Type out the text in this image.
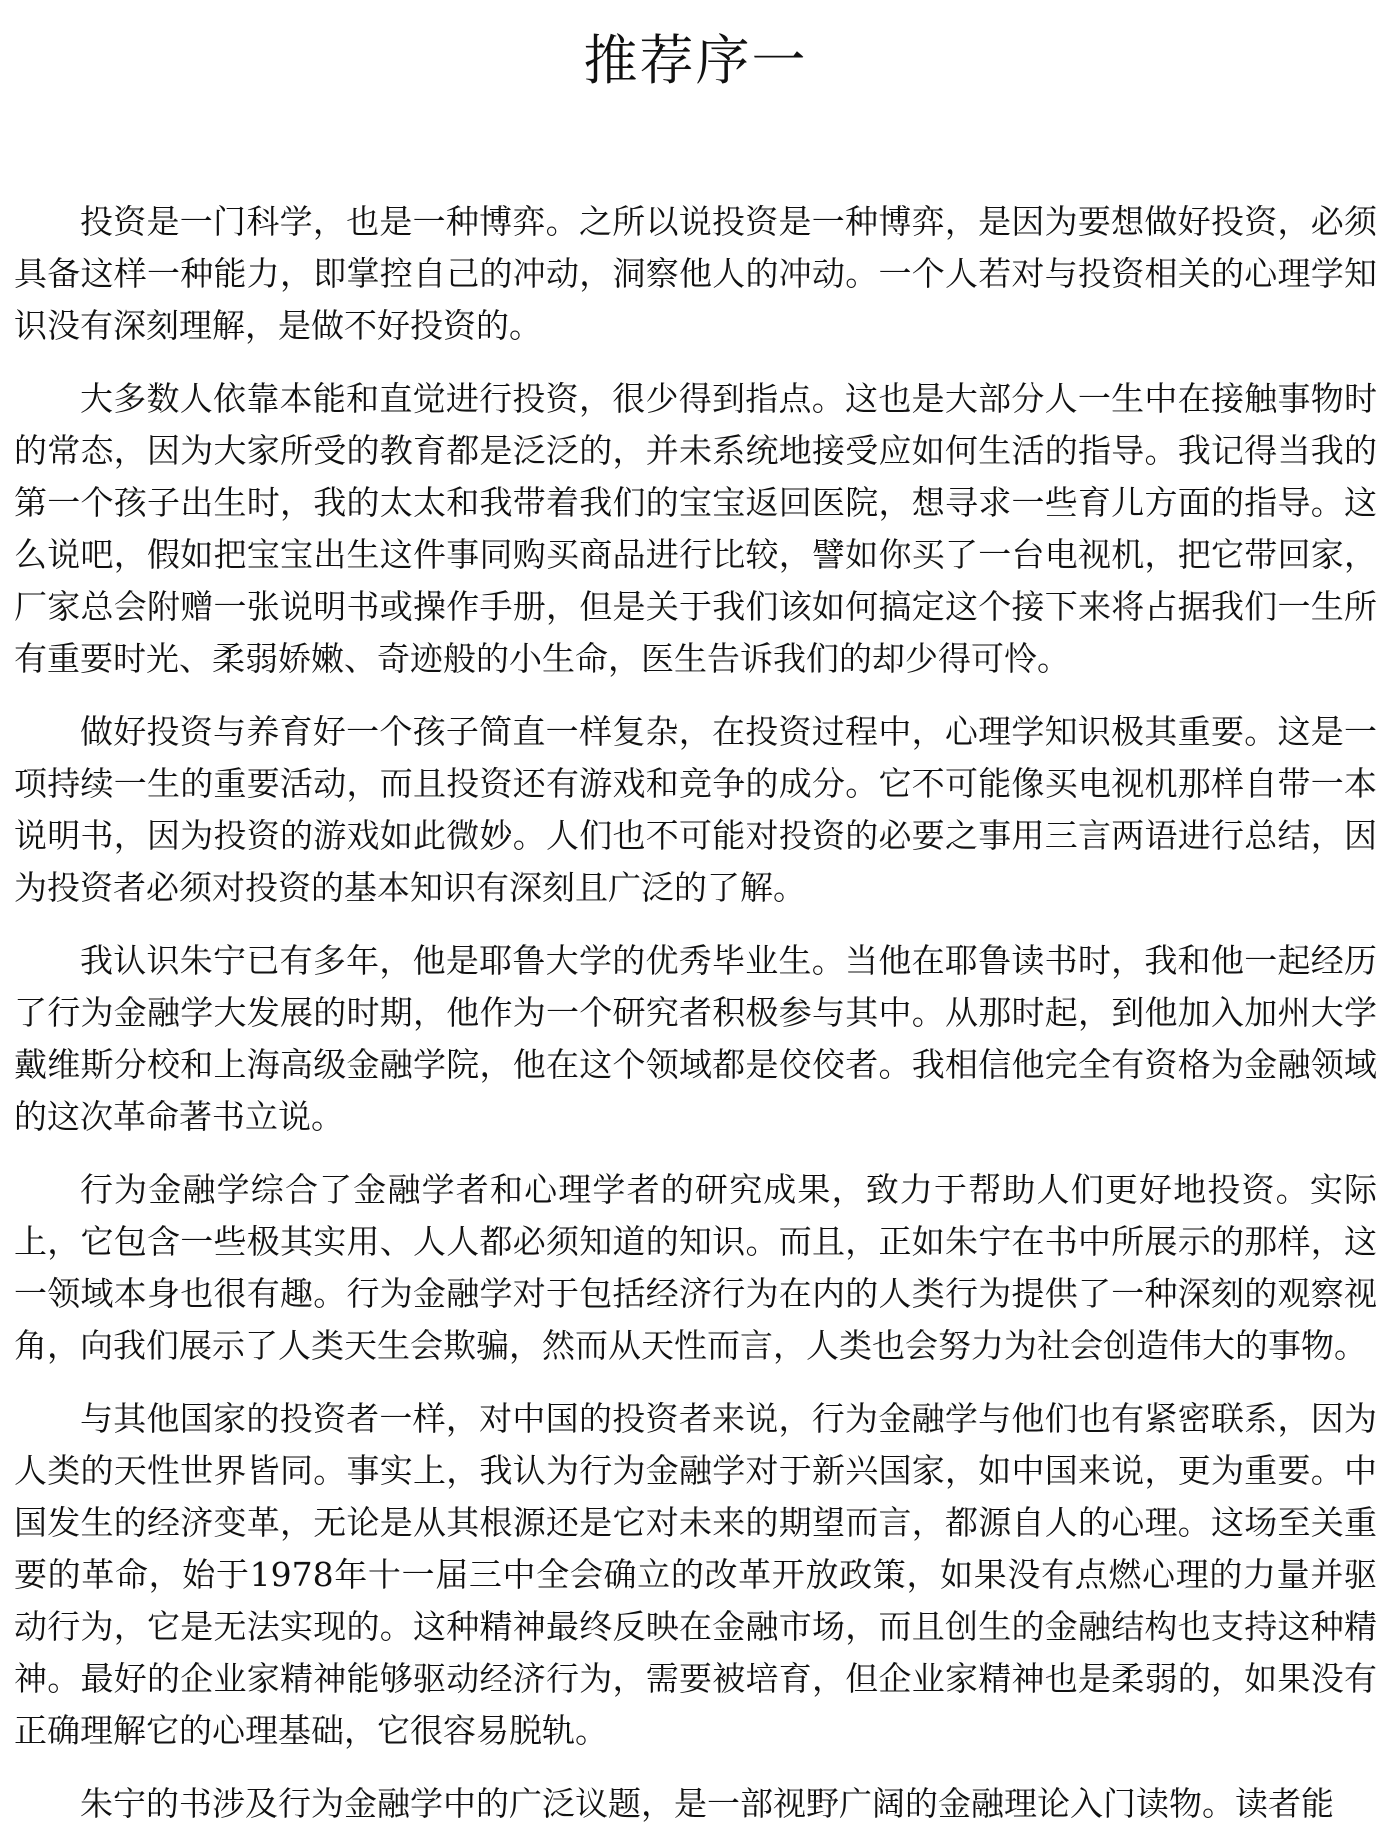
推荐序一

投资是一门科学，也是一种博弈。之所以说投资是一种博弈，是因为要想做好投资，必须具备这样一种能力，即掌控自己的冲动，洞察他人的冲动。一个人若对与投资相关的心理学知识没有深刻理解，是做不好投资的。

大多数人依靠本能和直觉进行投资，很少得到指点。这也是大部分人一生中在接触事物时的常态，因为大家所受的教育都是泛泛的，并未系统地接受应如何生活的指导。我记得当我的第一个孩子出生时，我的太太和我带着我们的宝宝返回医院，想寻求一些育儿方面的指导。这么说吧，假如把宝宝出生这件事同购买商品进行比较，譬如你买了一台电视机，把它带回家，厂家总会附赠一张说明书或操作手册，但是关于我们该如何搞定这个接下来将占据我们一生所有重要时光、柔弱娇嫩、奇迹般的小生命，医生告诉我们的却少得可怜。

做好投资与养育好一个孩子简直一样复杂，在投资过程中，心理学知识极其重要。这是一项持续一生的重要活动，而且投资还有游戏和竞争的成分。它不可能像买电视机那样自带一本说明书，因为投资的游戏如此微妙。人们也不可能对投资的必要之事用三言两语进行总结，因为投资者必须对投资的基本知识有深刻且广泛的了解。

我认识朱宁已有多年，他是耶鲁大学的优秀毕业生。当他在耶鲁读书时，我和他一起经历了行为金融学大发展的时期，他作为一个研究者积极参与其中。从那时起，到他加入加州大学戴维斯分校和上海高级金融学院，他在这个领域都是佼佼者。我相信他完全有资格为金融领域的这次革命著书立说。

行为金融学综合了金融学者和心理学者的研究成果，致力于帮助人们更好地投资。实际上，它包含一些极其实用、人人都必须知道的知识。而且，正如朱宁在书中所展示的那样，这一领域本身也很有趣。行为金融学对于包括经济行为在内的人类行为提供了一种深刻的观察视角，向我们展示了人类天生会欺骗，然而从天性而言，人类也会努力为社会创造伟大的事物。

与其他国家的投资者一样，对中国的投资者来说，行为金融学与他们也有紧密联系，因为人类的天性世界皆同。事实上，我认为行为金融学对于新兴国家，如中国来说，更为重要。中国发生的经济变革，无论是从其根源还是它对未来的期望而言，都源自人的心理。这场至关重要的革命，始于1978年十一届三中全会确立的改革开放政策，如果没有点燃心理的力量并驱动行为，它是无法实现的。这种精神最终反映在金融市场，而且创生的金融结构也支持这种精神。最好的企业家精神能够驱动经济行为，需要被培育，但企业家精神也是柔弱的，如果没有正确理解它的心理基础，它很容易脱轨。

朱宁的书涉及行为金融学中的广泛议题，是一部视野广阔的金融理论入门读物。读者能
